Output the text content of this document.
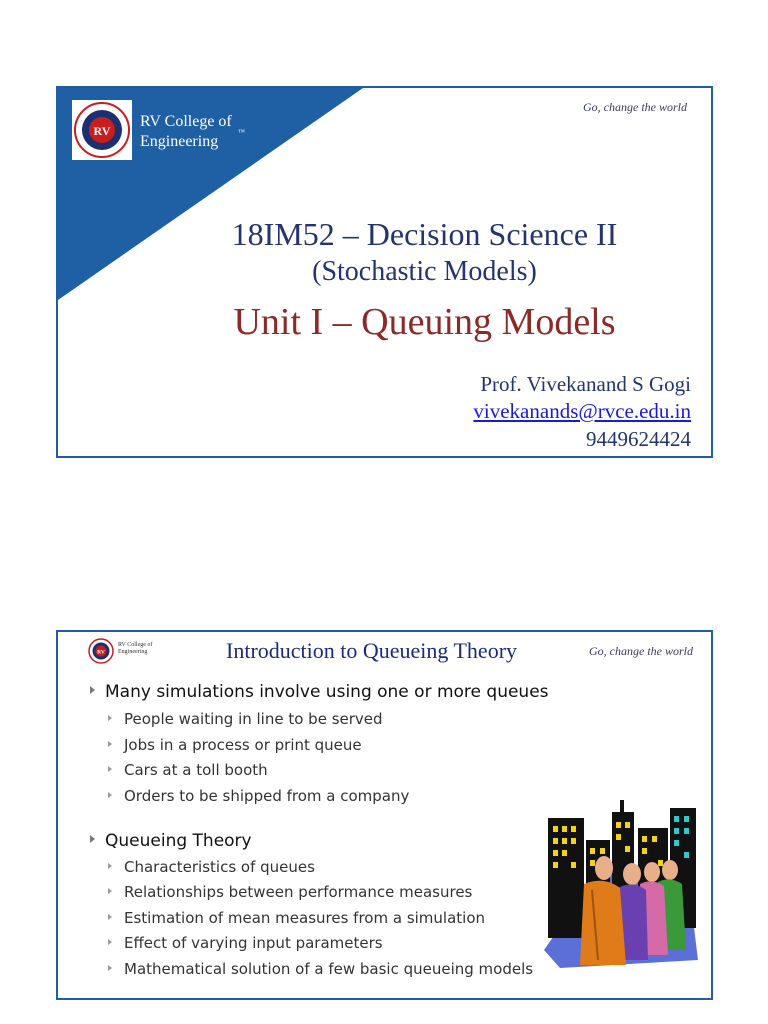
RV
RV College of
Engineering
™
Go, change the world
18IM52 – Decision Science II
(Stochastic Models)
Unit I – Queuing Models
Prof. Vivekanand S Gogi
vivekanands@rvce.edu.in
9449624424
RV
RV College of
Engineering	Introduction to Queueing Theory	Go, change the world
Many simulations involve using one or more queues
People waiting in line to be served
Jobs in a process or print queue
Cars at a toll booth
Orders to be shipped from a company
Queueing Theory
Characteristics of queues
Relationships between performance measures
Estimation of mean measures from a simulation
Effect of varying input parameters
Mathematical solution of a few basic queueing models
